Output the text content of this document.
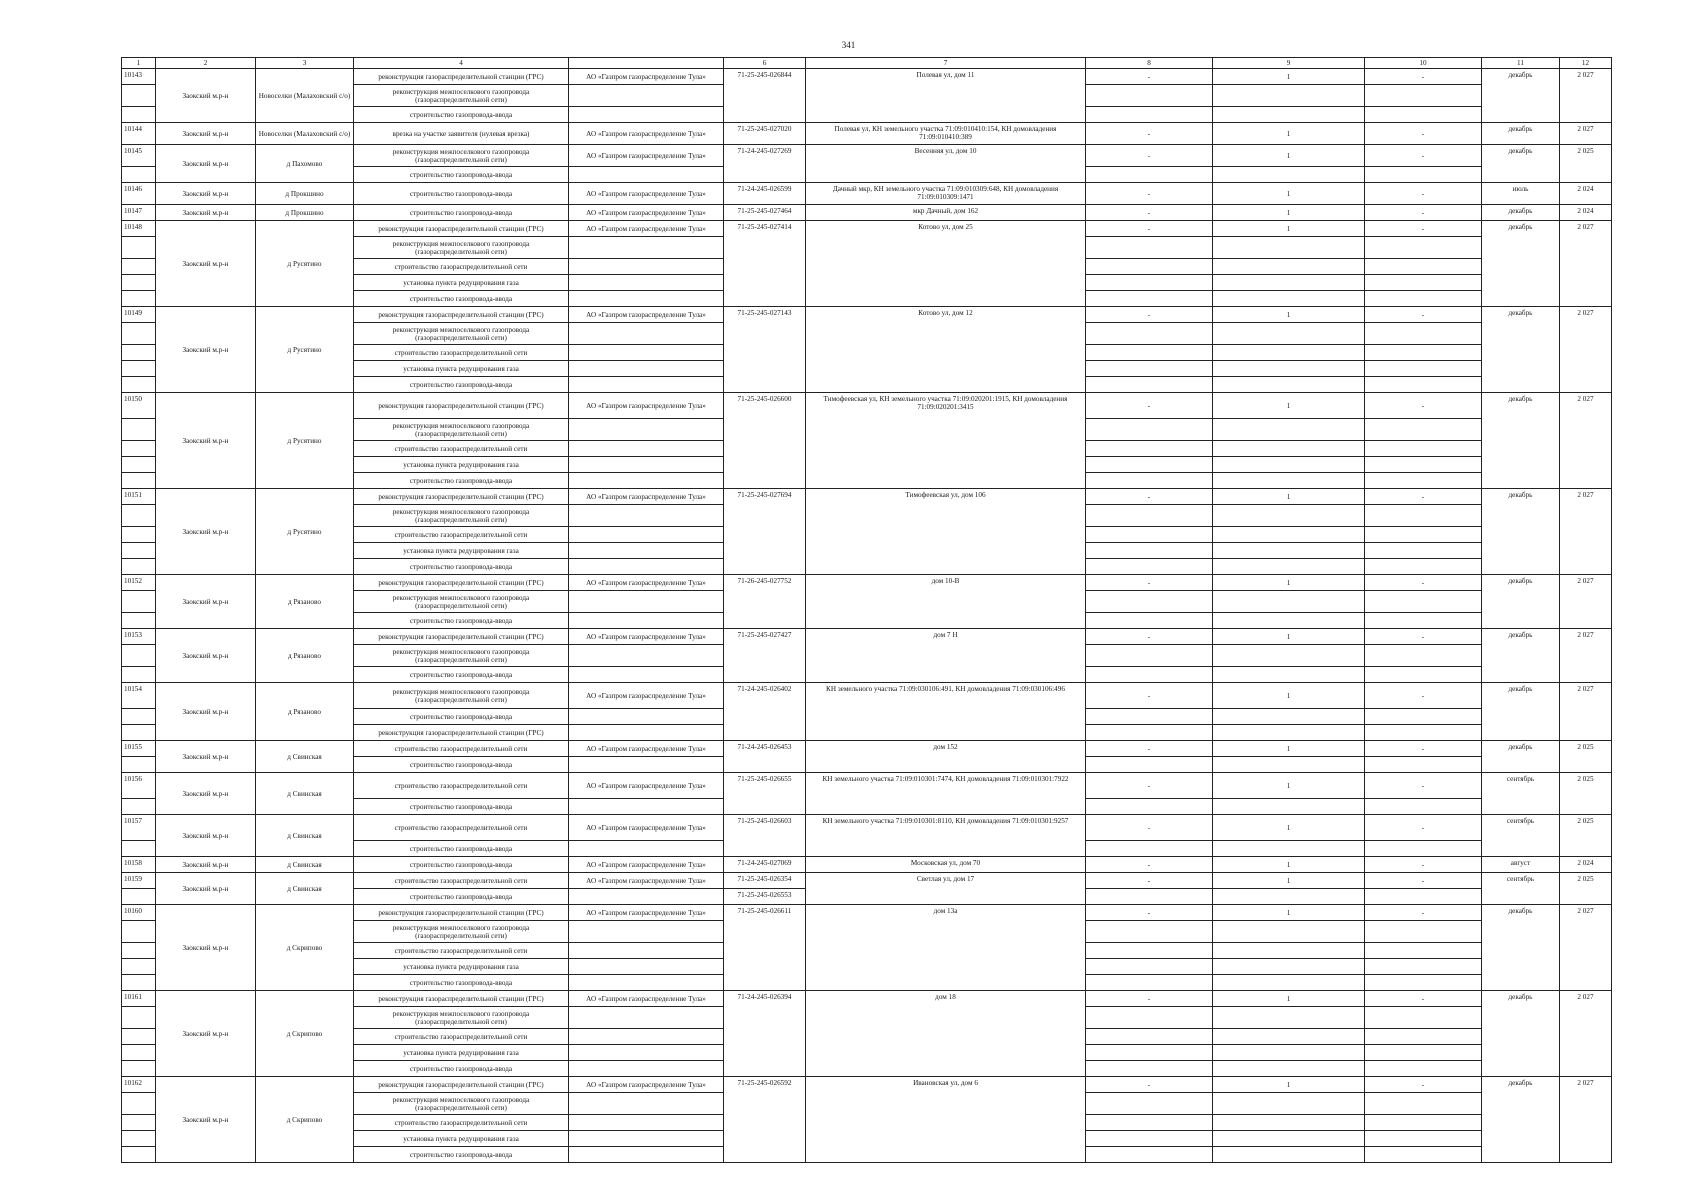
341
1	2	3	4		6	7	8	9	10	11	12
10143	Заокский м.р-н	Новоселки (Малаховский с/о)	реконструкция газораспределительной станции (ГРС)	АО «Газпром газораспределение Тула»	71-25-245-026844	Полевая ул, дом 11	-	1	-	декабрь	2 027
			реконструкция межпоселкового газопровода (газораспределительной сети)								
			строительство газопровода-ввода								
10144	Заокский м.р-н	Новоселки (Малаховский с/о)	врезка на участке заявителя (нулевая врезка)	АО «Газпром газораспределение Тула»	71-25-245-027020	Полевая ул, КН земельного участка 71:09:010410:154, КН домовладения 71:09:010410:389	-	1	-	декабрь	2 027
10145	Заокский м.р-н	д Пахомово	реконструкция межпоселкового газопровода (газораспределительной сети)	АО «Газпром газораспределение Тула»	71-24-245-027269	Весенняя ул, дом 10	-	1	-	декабрь	2 025
			строительство газопровода-ввода								
10146	Заокский м.р-н	д Прокшино	строительство газопровода-ввода	АО «Газпром газораспределение Тула»	71-24-245-026599	Дачный мкр, КН земельного участка 71:09:010309:648, КН домовладения 71:09:010309:1471	-	1	-	июль	2 024
10147	Заокский м.р-н	д Прокшино	строительство газопровода-ввода	АО «Газпром газораспределение Тула»	71-25-245-027464	мкр Дачный, дом 162	-	1	-	декабрь	2 024
10148	Заокский м.р-н	д Русятино	реконструкция газораспределительной станции (ГРС)	АО «Газпром газораспределение Тула»	71-25-245-027414	Котово ул, дом 25	-	1	-	декабрь	2 027
			реконструкция межпоселкового газопровода (газораспределительной сети)								
			строительство газораспределительной сети								
			установка пункта редуцирования газа								
			строительство газопровода-ввода								
10149	Заокский м.р-н	д Русятино	реконструкция газораспределительной станции (ГРС)	АО «Газпром газораспределение Тула»	71-25-245-027143	Котово ул, дом 12	-	1	-	декабрь	2 027
			реконструкция межпоселкового газопровода (газораспределительной сети)								
			строительство газораспределительной сети								
			установка пункта редуцирования газа								
			строительство газопровода-ввода								
10150	Заокский м.р-н	д Русятино	реконструкция газораспределительной станции (ГРС)	АО «Газпром газораспределение Тула»	71-25-245-026600	Тимофеевская ул, КН земельного участка 71:09:020201:1915, КН домовладения 71:09:020201:3415	-	1	-	декабрь	2 027
			реконструкция межпоселкового газопровода (газораспределительной сети)								
			строительство газораспределительной сети								
			установка пункта редуцирования газа								
			строительство газопровода-ввода								
10151	Заокский м.р-н	д Русятино	реконструкция газораспределительной станции (ГРС)	АО «Газпром газораспределение Тула»	71-25-245-027694	Тимофеевская ул, дом 106	-	1	-	декабрь	2 027
			реконструкция межпоселкового газопровода (газораспределительной сети)								
			строительство газораспределительной сети								
			установка пункта редуцирования газа								
			строительство газопровода-ввода								
10152	Заокский м.р-н	д Рязаново	реконструкция газораспределительной станции (ГРС)	АО «Газпром газораспределение Тула»	71-26-245-027752	дом 10-В	-	1	-	декабрь	2 027
			реконструкция межпоселкового газопровода (газораспределительной сети)								
			строительство газопровода-ввода								
10153	Заокский м.р-н	д Рязаново	реконструкция газораспределительной станции (ГРС)	АО «Газпром газораспределение Тула»	71-25-245-027427	дом 7 Н	-	1	-	декабрь	2 027
			реконструкция межпоселкового газопровода (газораспределительной сети)								
			строительство газопровода-ввода								
10154	Заокский м.р-н	д Рязаново	реконструкция межпоселкового газопровода (газораспределительной сети)	АО «Газпром газораспределение Тула»	71-24-245-026402	КН земельного участка 71:09:030106:491, КН домовладения 71:09:030106:496	-	1	-	декабрь	2 027
			строительство газопровода-ввода								
			реконструкция газораспределительной станции (ГРС)								
10155	Заокский м.р-н	д Свинская	строительство газораспределительной сети	АО «Газпром газораспределение Тула»	71-24-245-026453	дом 152	-	1	-	декабрь	2 025
			строительство газопровода-ввода								
10156	Заокский м.р-н	д Свинская	строительство газораспределительной сети	АО «Газпром газораспределение Тула»	71-25-245-026655	КН земельного участка 71:09:010301:7474, КН домовладения 71:09:010301:7922	-	1	-	сентябрь	2 025
			строительство газопровода-ввода								
10157	Заокский м.р-н	д Свинская	строительство газораспределительной сети	АО «Газпром газораспределение Тула»	71-25-245-026603	КН земельного участка 71:09:010301:8110, КН домовладения 71:09:010301:9257	-	1	-	сентябрь	2 025
			строительство газопровода-ввода								
10158	Заокский м.р-н	д Свинская	строительство газопровода-ввода	АО «Газпром газораспределение Тула»	71-24-245-027069	Московская ул, дом 70	-	1	-	август	2 024
10159	Заокский м.р-н	д Свинская	строительство газораспределительной сети	АО «Газпром газораспределение Тула»	71-25-245-026354	Светлая ул, дом 17	-	1	-	сентябрь	2 025
			строительство газопровода-ввода		71-25-245-026553						
10160	Заокский м.р-н	д Скрипово	реконструкция газораспределительной станции (ГРС)	АО «Газпром газораспределение Тула»	71-25-245-026611	дом 13а	-	1	-	декабрь	2 027
			реконструкция межпоселкового газопровода (газораспределительной сети)								
			строительство газораспределительной сети								
			установка пункта редуцирования газа								
			строительство газопровода-ввода								
10161	Заокский м.р-н	д Скрипово	реконструкция газораспределительной станции (ГРС)	АО «Газпром газораспределение Тула»	71-24-245-026394	дом 18	-	1	-	декабрь	2 027
			реконструкция межпоселкового газопровода (газораспределительной сети)								
			строительство газораспределительной сети								
			установка пункта редуцирования газа								
			строительство газопровода-ввода								
10162	Заокский м.р-н	д Скрипово	реконструкция газораспределительной станции (ГРС)	АО «Газпром газораспределение Тула»	71-25-245-026592	Ивановская ул, дом 6	-	1	-	декабрь	2 027
			реконструкция межпоселкового газопровода (газораспределительной сети)								
			строительство газораспределительной сети								
			установка пункта редуцирования газа								
			строительство газопровода-ввода								
